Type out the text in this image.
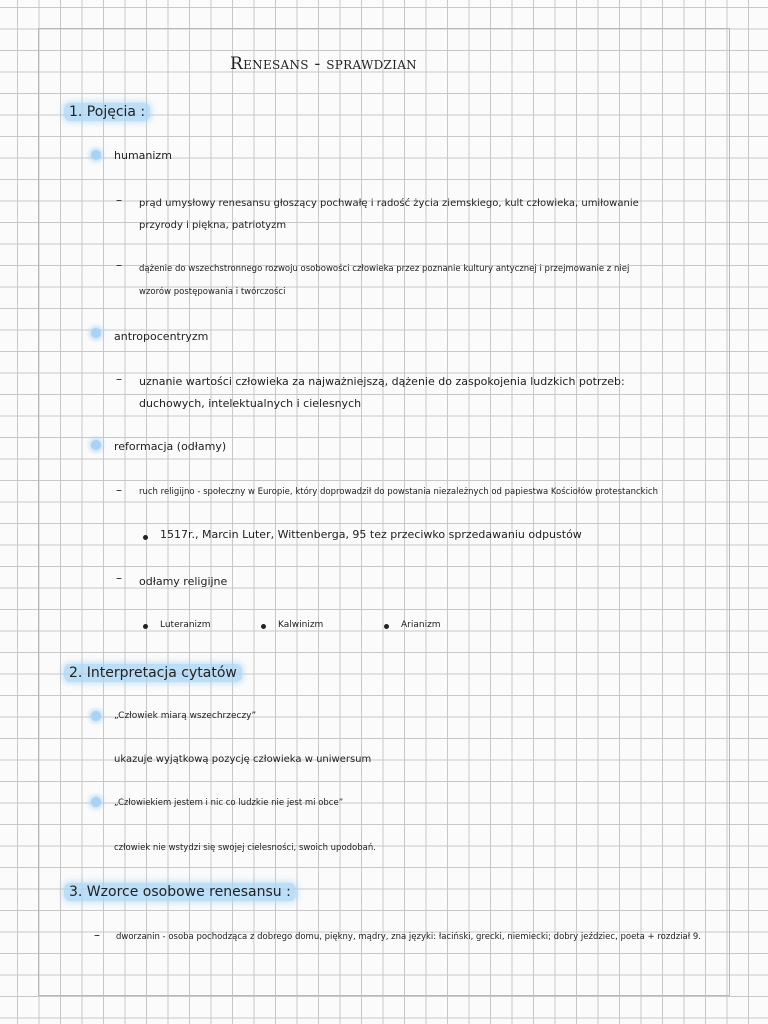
Renesans - sprawdzian
1. Pojęcia :
humanizm
– prąd umysłowy renesansu głoszący pochwałę i radość życia ziemskiego, kult człowieka, umiłowanie
przyrody i piękna, patriotyzm
– dążenie do wszechstronnego rozwoju osobowości człowieka przez poznanie kultury antycznej i przejmowanie z niej
wzorów postępowania i twórczości
antropocentryzm
– uznanie wartości człowieka za najważniejszą, dążenie do zaspokojenia ludzkich potrzeb:
duchowych, intelektualnych i cielesnych
reformacja (odłamy)
– ruch religijno - społeczny w Europie, który doprowadził do powstania niezależnych od papiestwa Kościołów protestanckich
1517r., Marcin Luter, Wittenberga, 95 tez przeciwko sprzedawaniu odpustów
– odłamy religijne
Luteranizm	Kalwinizm	Arianizm
2. Interpretacja cytatów
„Człowiek miarą wszechrzeczy”
ukazuje wyjątkową pozycję człowieka w uniwersum
„Człowiekiem jestem i nic co ludzkie nie jest mi obce”
człowiek nie wstydzi się swojej cielesności, swoich upodobań.
3. Wzorce osobowe renesansu :
– dworzanin - osoba pochodząca z dobrego domu, piękny, mądry, zna języki: łaciński, grecki, niemiecki; dobry jeździec, poeta + rozdział 9.
